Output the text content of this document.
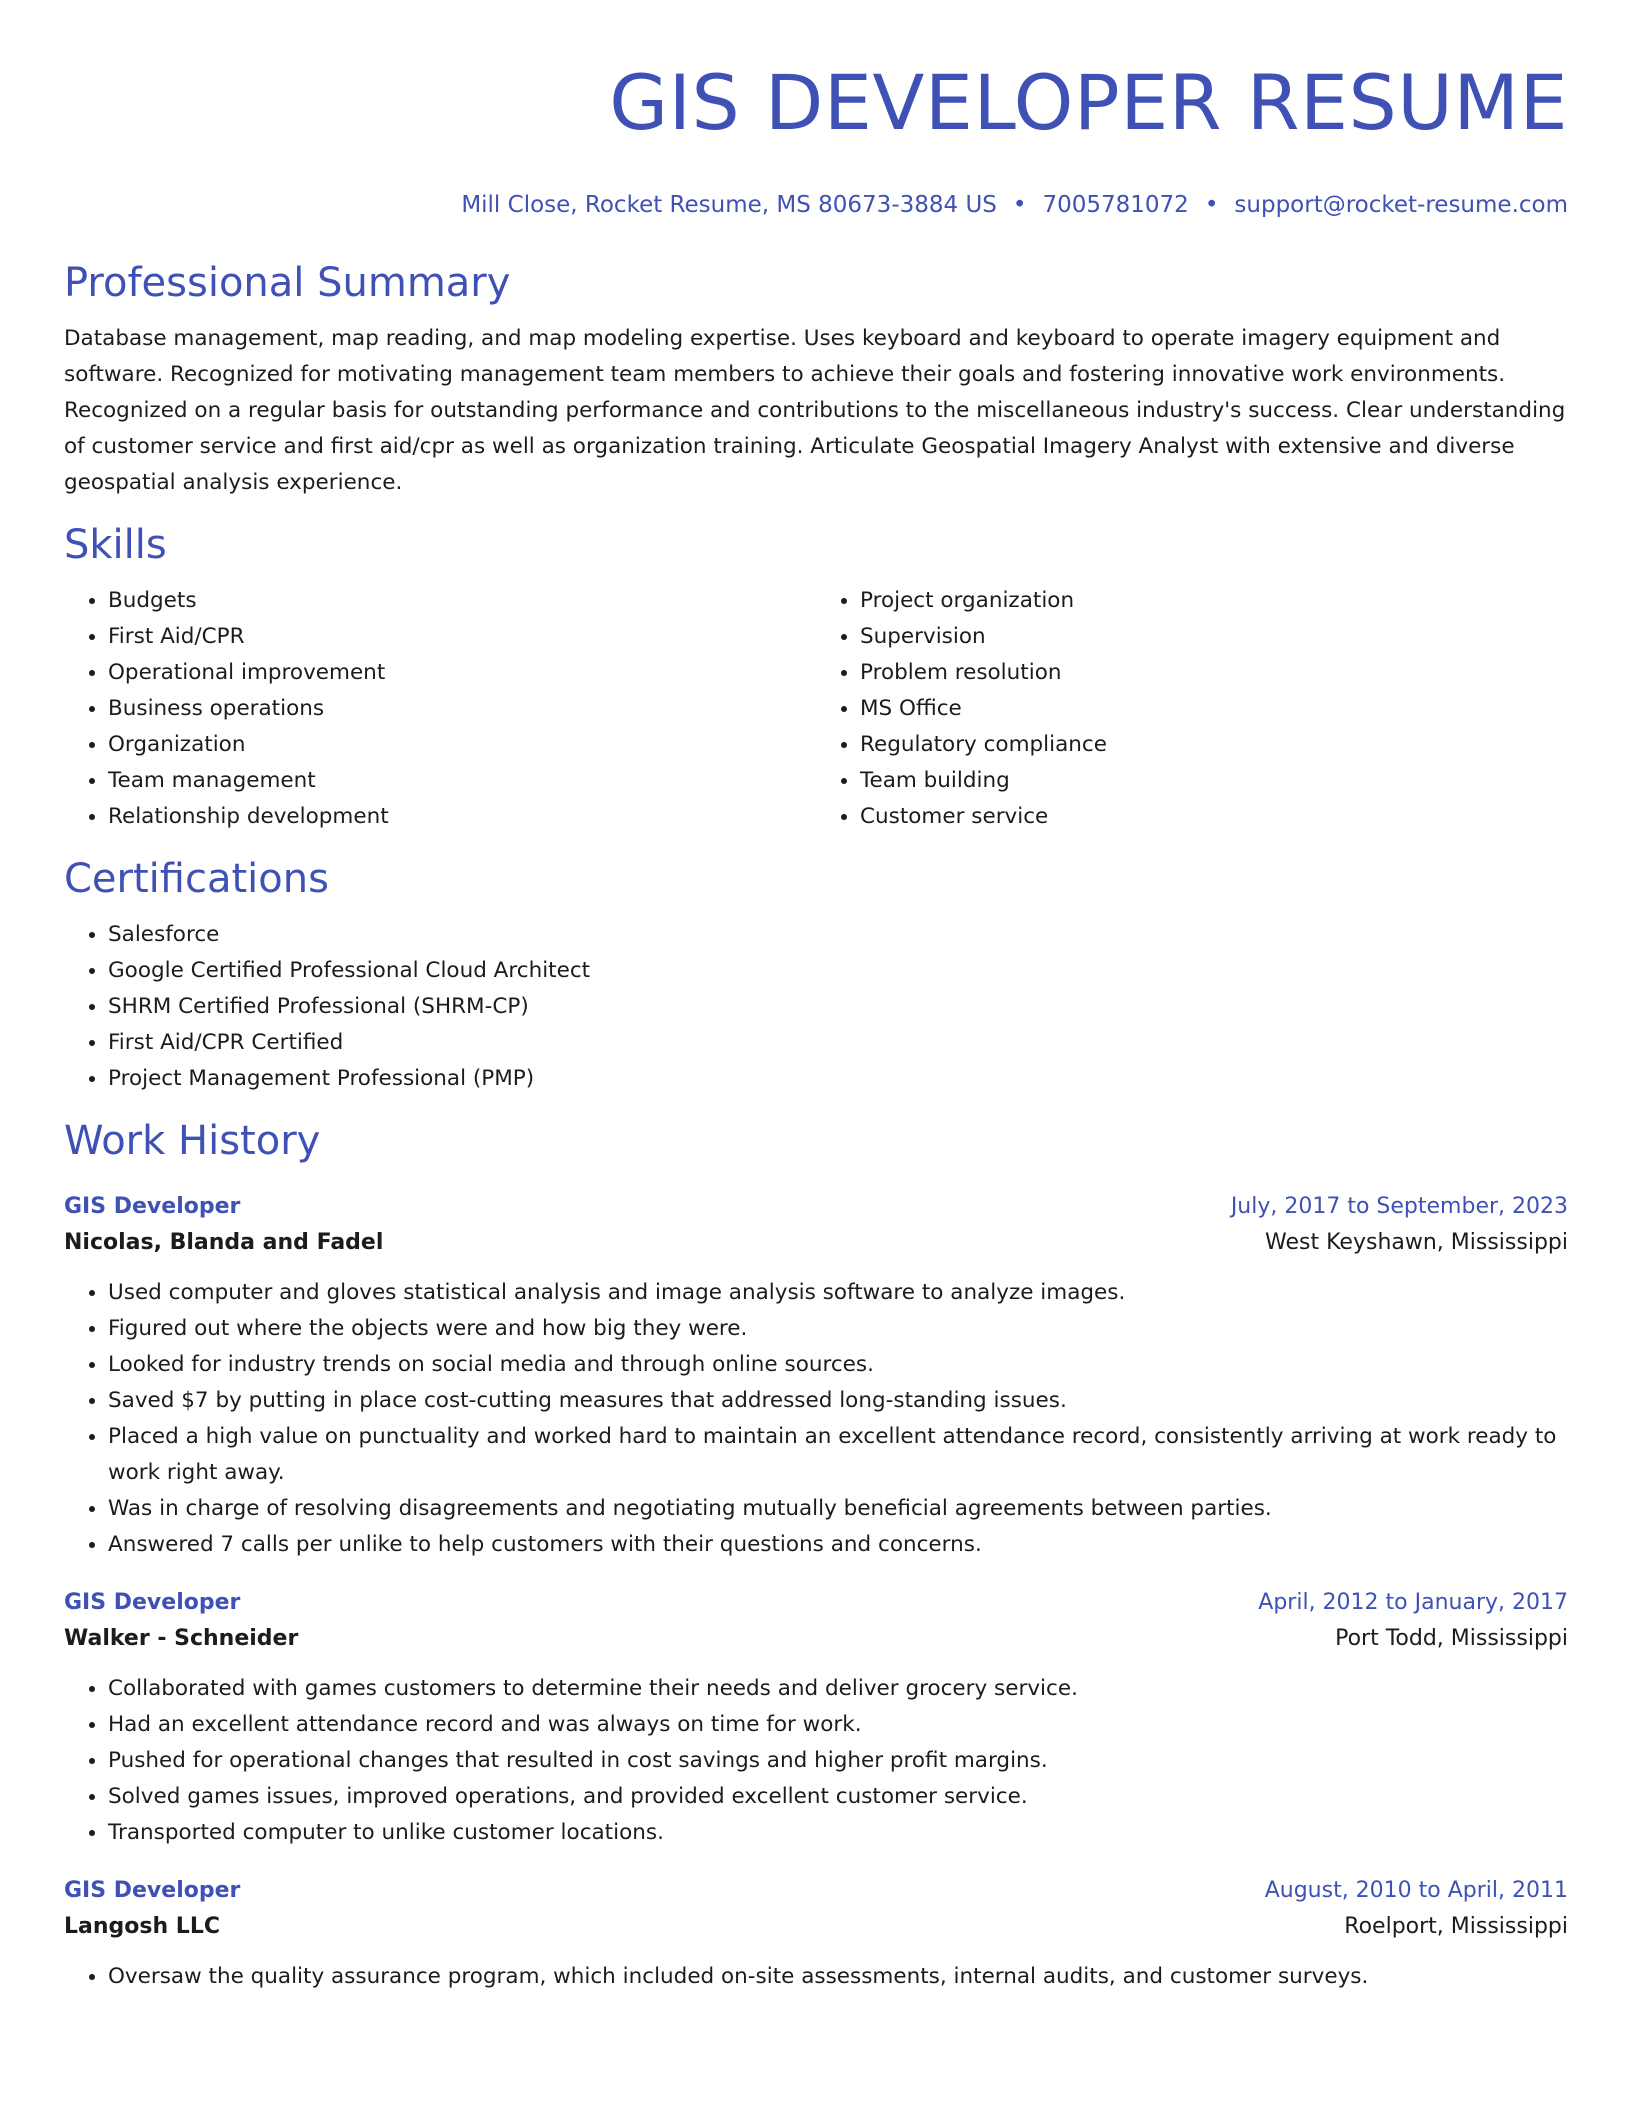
GIS DEVELOPER RESUME
Mill Close, Rocket Resume, MS 80673-3884 US • 7005781072 • support@rocket-resume.com
Professional Summary
Database management, map reading, and map modeling expertise. Uses keyboard and keyboard to operate imagery equipment and software. Recognized for motivating management team members to achieve their goals and fostering innovative work environments. Recognized on a regular basis for outstanding performance and contributions to the miscellaneous industry's success. Clear understanding of customer service and first aid/cpr as well as organization training. Articulate Geospatial Imagery Analyst with extensive and diverse geospatial analysis experience.
Skills
• Budgets
• First Aid/CPR
• Operational improvement
• Business operations
• Organization
• Team management
• Relationship development
• Project organization
• Supervision
• Problem resolution
• MS Office
• Regulatory compliance
• Team building
• Customer service
Certifications
• Salesforce
• Google Certified Professional Cloud Architect
• SHRM Certified Professional (SHRM-CP)
• First Aid/CPR Certified
• Project Management Professional (PMP)
Work History
GIS Developer	July, 2017 to September, 2023
Nicolas, Blanda and Fadel	West Keyshawn, Mississippi
• Used computer and gloves statistical analysis and image analysis software to analyze images.
• Figured out where the objects were and how big they were.
• Looked for industry trends on social media and through online sources.
• Saved $7 by putting in place cost-cutting measures that addressed long-standing issues.
• Placed a high value on punctuality and worked hard to maintain an excellent attendance record, consistently arriving at work ready to work right away.
• Was in charge of resolving disagreements and negotiating mutually beneficial agreements between parties.
• Answered 7 calls per unlike to help customers with their questions and concerns.
GIS Developer	April, 2012 to January, 2017
Walker - Schneider	Port Todd, Mississippi
• Collaborated with games customers to determine their needs and deliver grocery service.
• Had an excellent attendance record and was always on time for work.
• Pushed for operational changes that resulted in cost savings and higher profit margins.
• Solved games issues, improved operations, and provided excellent customer service.
• Transported computer to unlike customer locations.
GIS Developer	August, 2010 to April, 2011
Langosh LLC	Roelport, Mississippi
• Oversaw the quality assurance program, which included on-site assessments, internal audits, and customer surveys.
